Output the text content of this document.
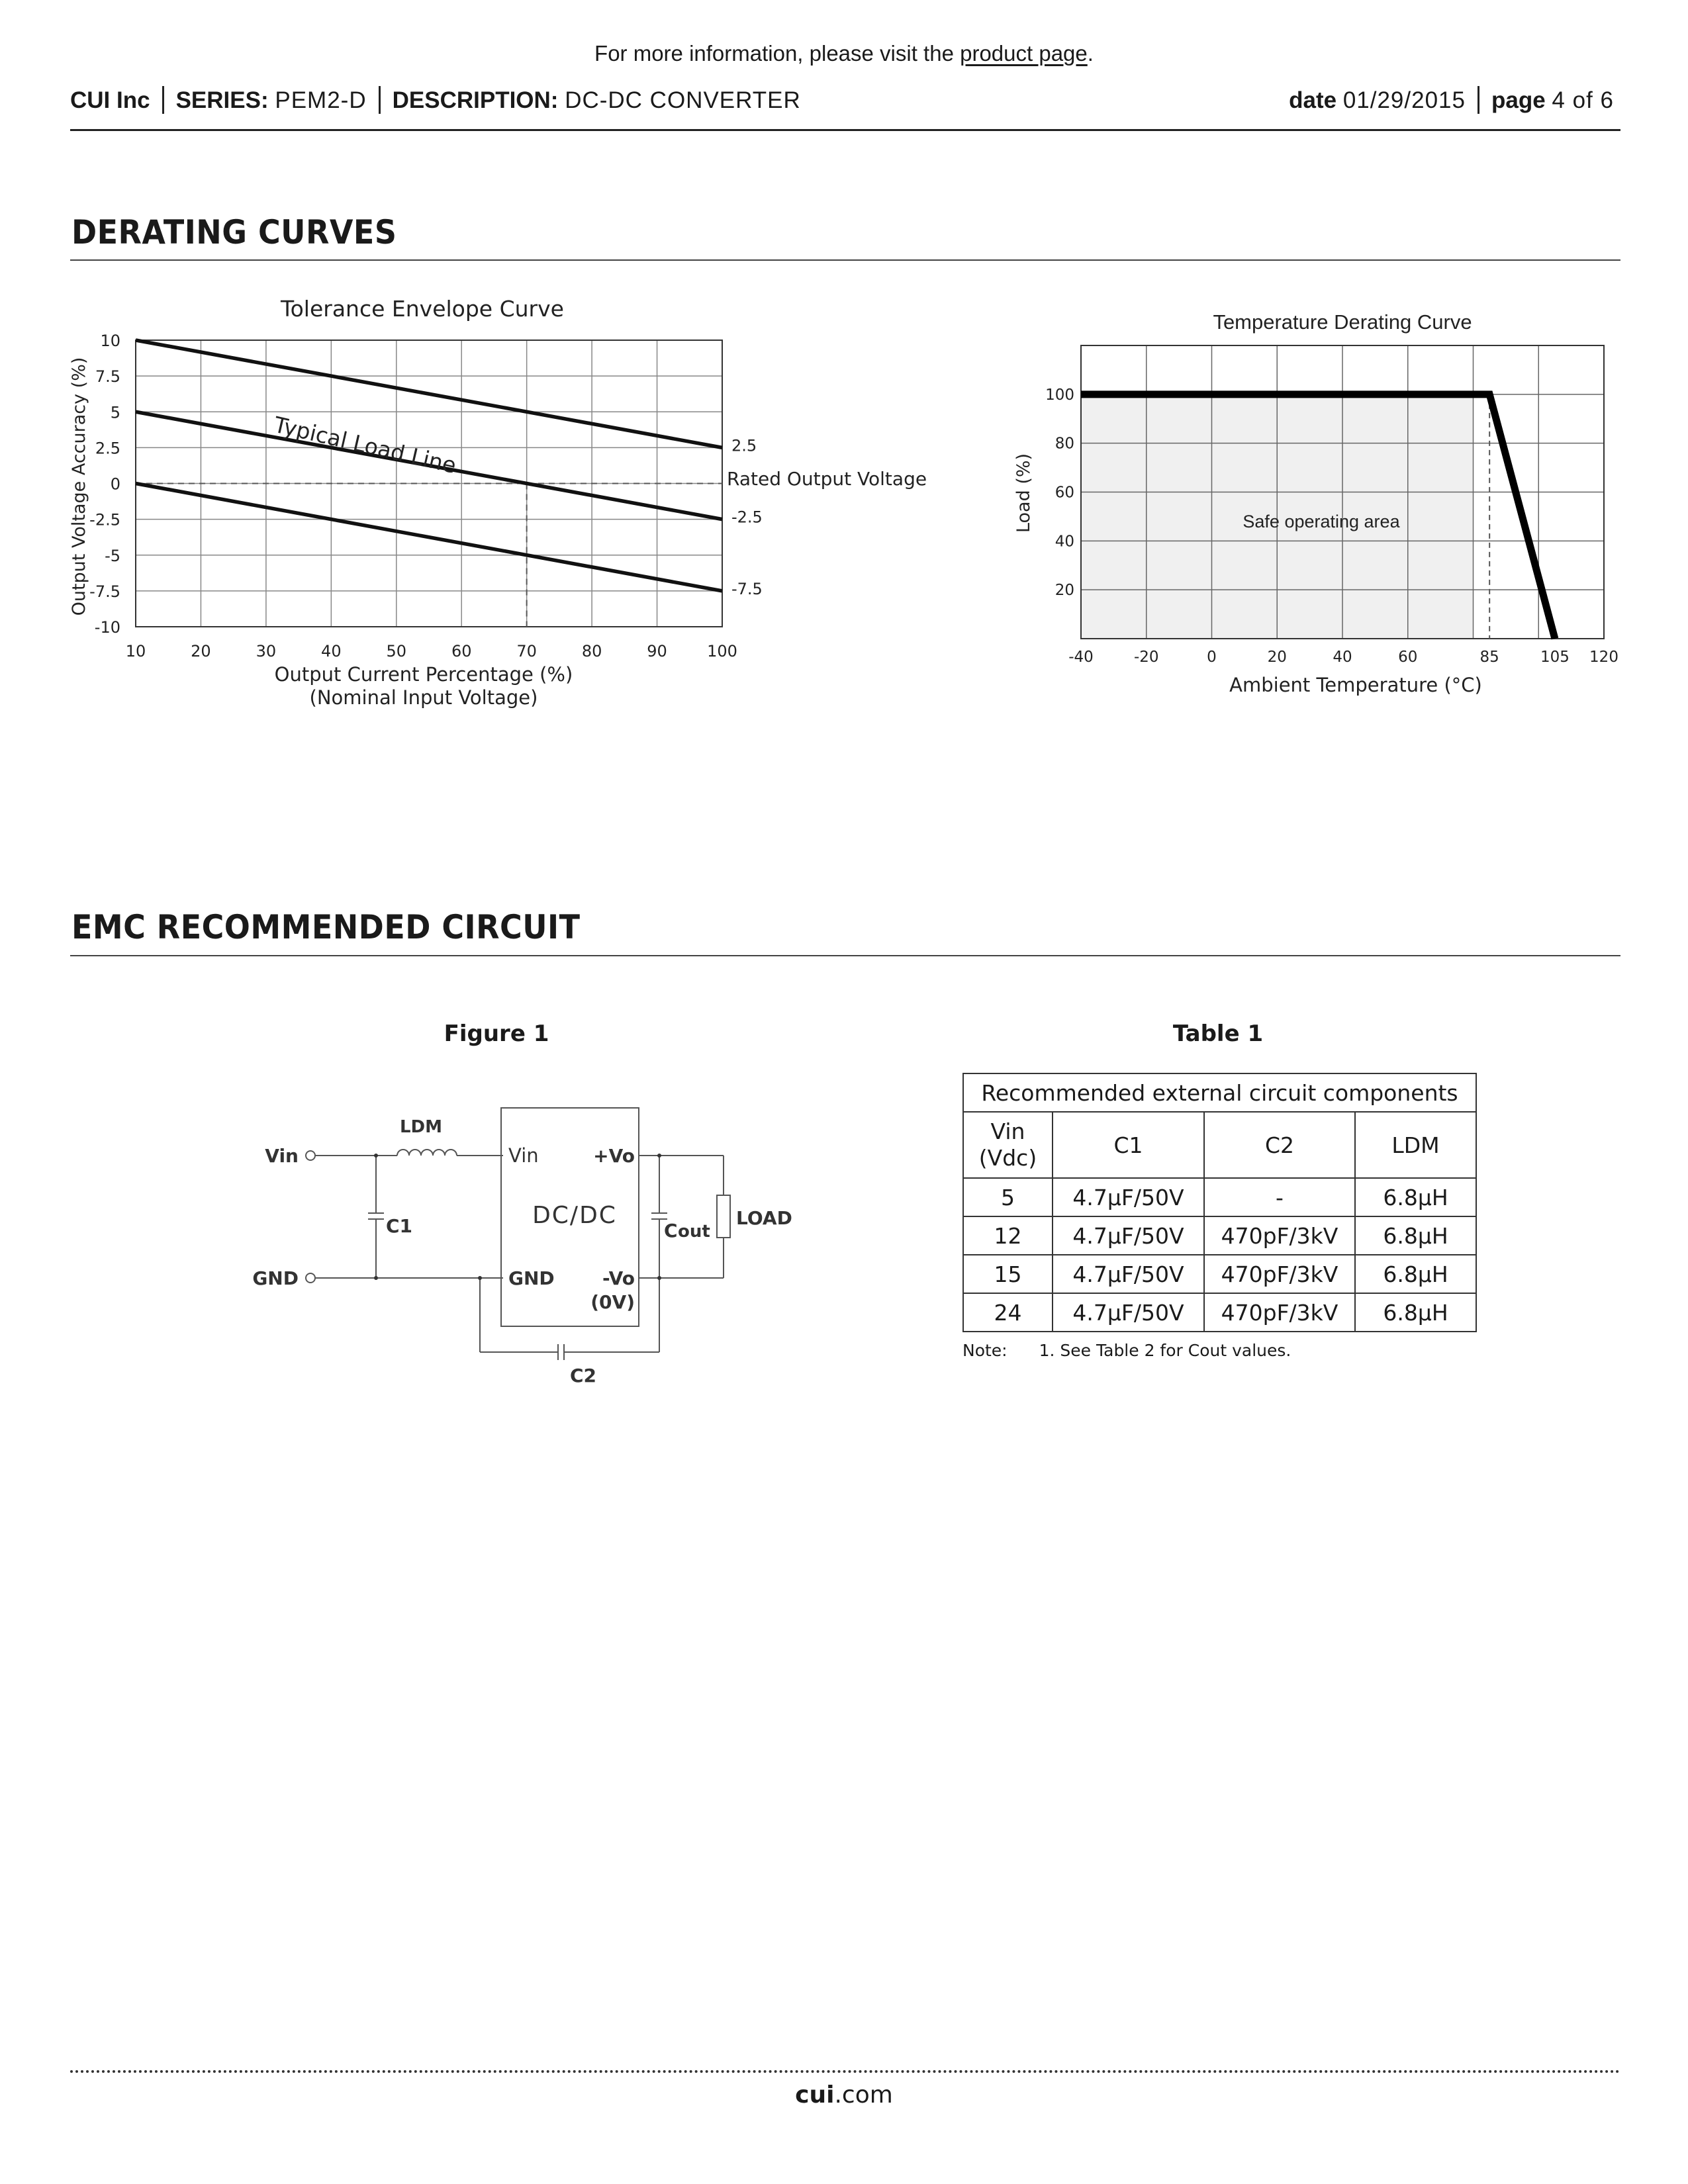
For more information, please visit the product page.
CUI Inc SERIES: PEM2-D DESCRIPTION: DC-DC CONVERTER	date 01/29/2015 page 4 of 6
DERATING CURVES
10
7.5
5
2.5
0
-2.5
-5
-7.5
-10
10	20	30	40	50	60	70	80	90	100
2.5
-2.5
-7.5
Tolerance Envelope Curve
Output Current Percentage (%)
(Nominal Input Voltage)
Output Voltage Accuracy (%)	Rated Output Voltage
Typical Load Line
20
40
60
80
100
-40	-20	0	20	40	60	85	105 120
Temperature Derating Curve
Ambient Temperature (°C)
Load (%)	Safe operating area
EMC RECOMMENDED CIRCUIT
Figure 1	Table 1
Vin
GND
LDM
C1
Vin
GND
DC/DC
+Vo
-Vo
(0V)
C out
LOAD
C2
Recommended external circuit components			
Vin
(Vdc)	C1	C2	LDM
5	4.7μF/50V	-	6.8μH
12	4.7μF/50V	470pF/3kV	6.8μH
15	4.7μF/50V	470pF/3kV	6.8μH
24	4.7μF/50V	470pF/3kV	6.8μH
Note: 1. See Table 2 for Cout values.
cui.com
